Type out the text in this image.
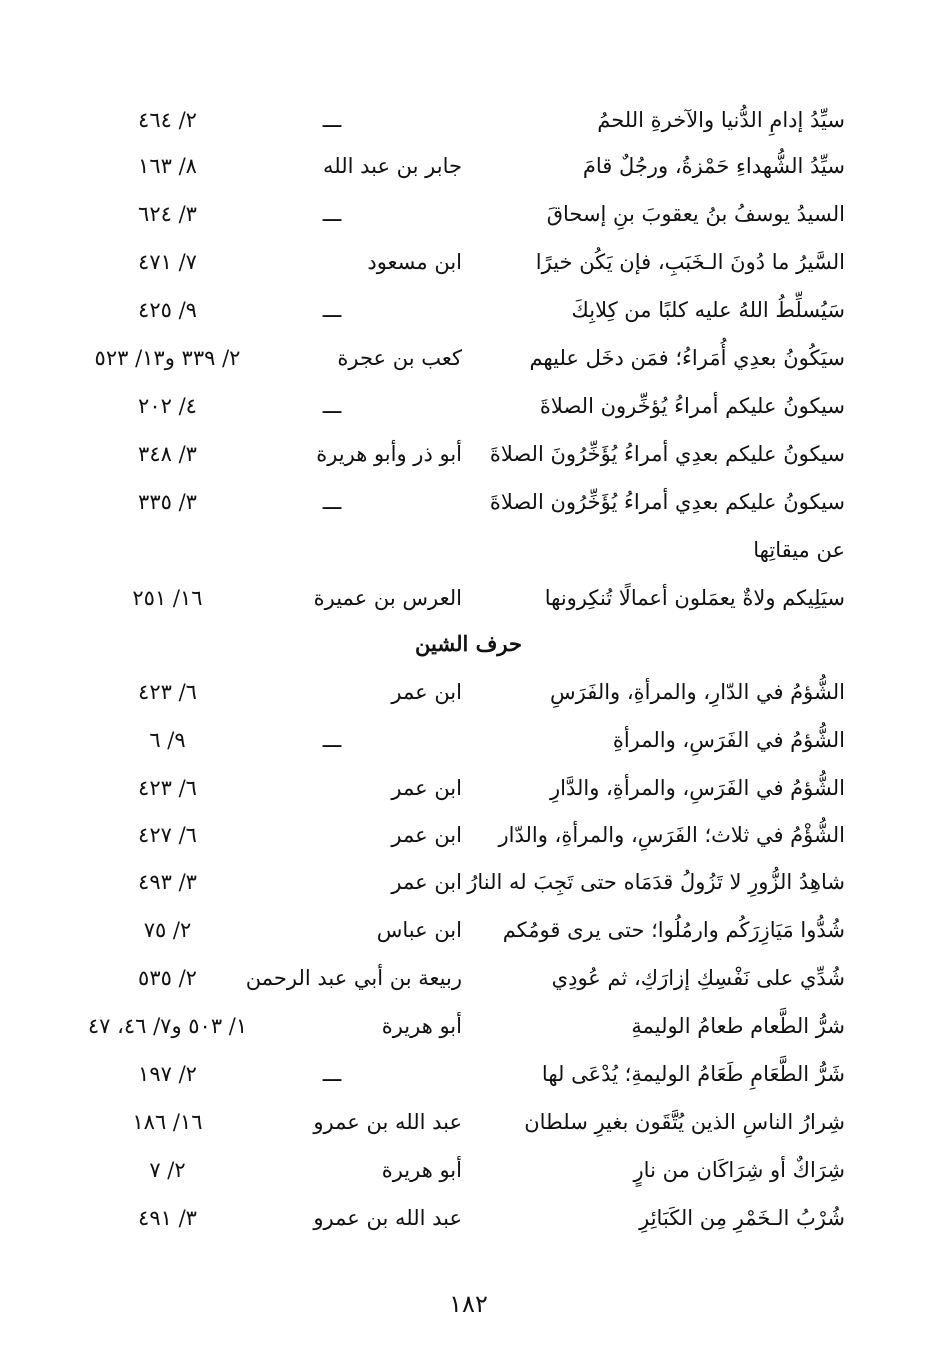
سيِّدُ إدامِ الدُّنيا والآخرةِ اللحمُ
ـــ
٢/ ٤٦٤
سيِّدُ الشُّهداءِ حَمْزةُ، ورجُلٌ قامَ
جابر بن عبد الله
٨/ ١٦٣
السيدُ يوسفُ بنُ يعقوبَ بنِ إسحاقَ
ـــ
٣/ ٦٢٤
السَّيرُ ما دُونَ الـخَبَبِ، فإن يَكُن خيرًا
ابن مسعود
٧/ ٤٧١
سَيُسلِّطُ اللهُ عليه كلبًا من كِلابِكَ
ـــ
٩/ ٤٢٥
سيَكُونُ بعدِي أُمَراءُ؛ فمَن دخَل عليهم
كعب بن عجرة
٢/ ٣٣٩ و١٣/ ٥٢٣
سيكونُ عليكم أمراءُ يُؤخِّرون الصلاةَ
ـــ
٤/ ٢٠٢
سيكونُ عليكم بعدِي أمراءُ يُؤَخِّرُونَ الصلاةَ
أبو ذر وأبو هريرة
٣/ ٣٤٨
سيكونُ عليكم بعدِي أمراءُ يُؤَخِّرُون الصلاةَ
ـــ
٣/ ٣٣٥
عن ميقاتِها
سيَلِيكم ولاةٌ يعمَلون أعمالًا تُنكِرونها
العرس بن عميرة
١٦/ ٢٥١
حرف الشين
الشُّؤمُ في الدّارِ، والمرأةِ، والفَرَسِ
ابن عمر
٦/ ٤٢٣
الشُّؤمُ في الفَرَسِ، والمرأةِ
ـــ
٩/ ٦
الشُّؤمُ في الفَرَسِ، والمرأةِ، والدَّارِ
ابن عمر
٦/ ٤٢٣
الشُّؤْمُ في ثلاث؛ الفَرَسِ، والمرأةِ، والدّار
ابن عمر
٦/ ٤٢٧
شاهِدُ الزُّورِ لا تَزُولُ قدَمَاه حتى تَجِبَ له النارُ
ابن عمر
٣/ ٤٩٣
شُدُّوا مَيَازِرَكُم وارمُلُوا؛ حتى يرى قومُكم
ابن عباس
٢/ ٧٥
شُدِّي على نَفْسِكِ إزارَكِ، ثم عُودِي
ربيعة بن أبي عبد الرحمن
٢/ ٥٣٥
شرُّ الطَّعام طعامُ الوليمةِ
أبو هريرة
١/ ٥٠٣ و٧/ ٤٦، ٤٧
شَرُّ الطَّعَامِ طَعَامُ الوليمةِ؛ يُدْعَى لها
ـــ
٢/ ١٩٧
شِرارُ الناسِ الذين يُتَّقَون بغيرِ سلطان
عبد الله بن عمرو
١٦/ ١٨٦
شِرَاكٌ أو شِرَاكَان من نارٍ
أبو هريرة
٢/ ٧
شُرْبُ الـخَمْرِ مِن الكَبَائِرِ
عبد الله بن عمرو
٣/ ٤٩١
١٨٢
